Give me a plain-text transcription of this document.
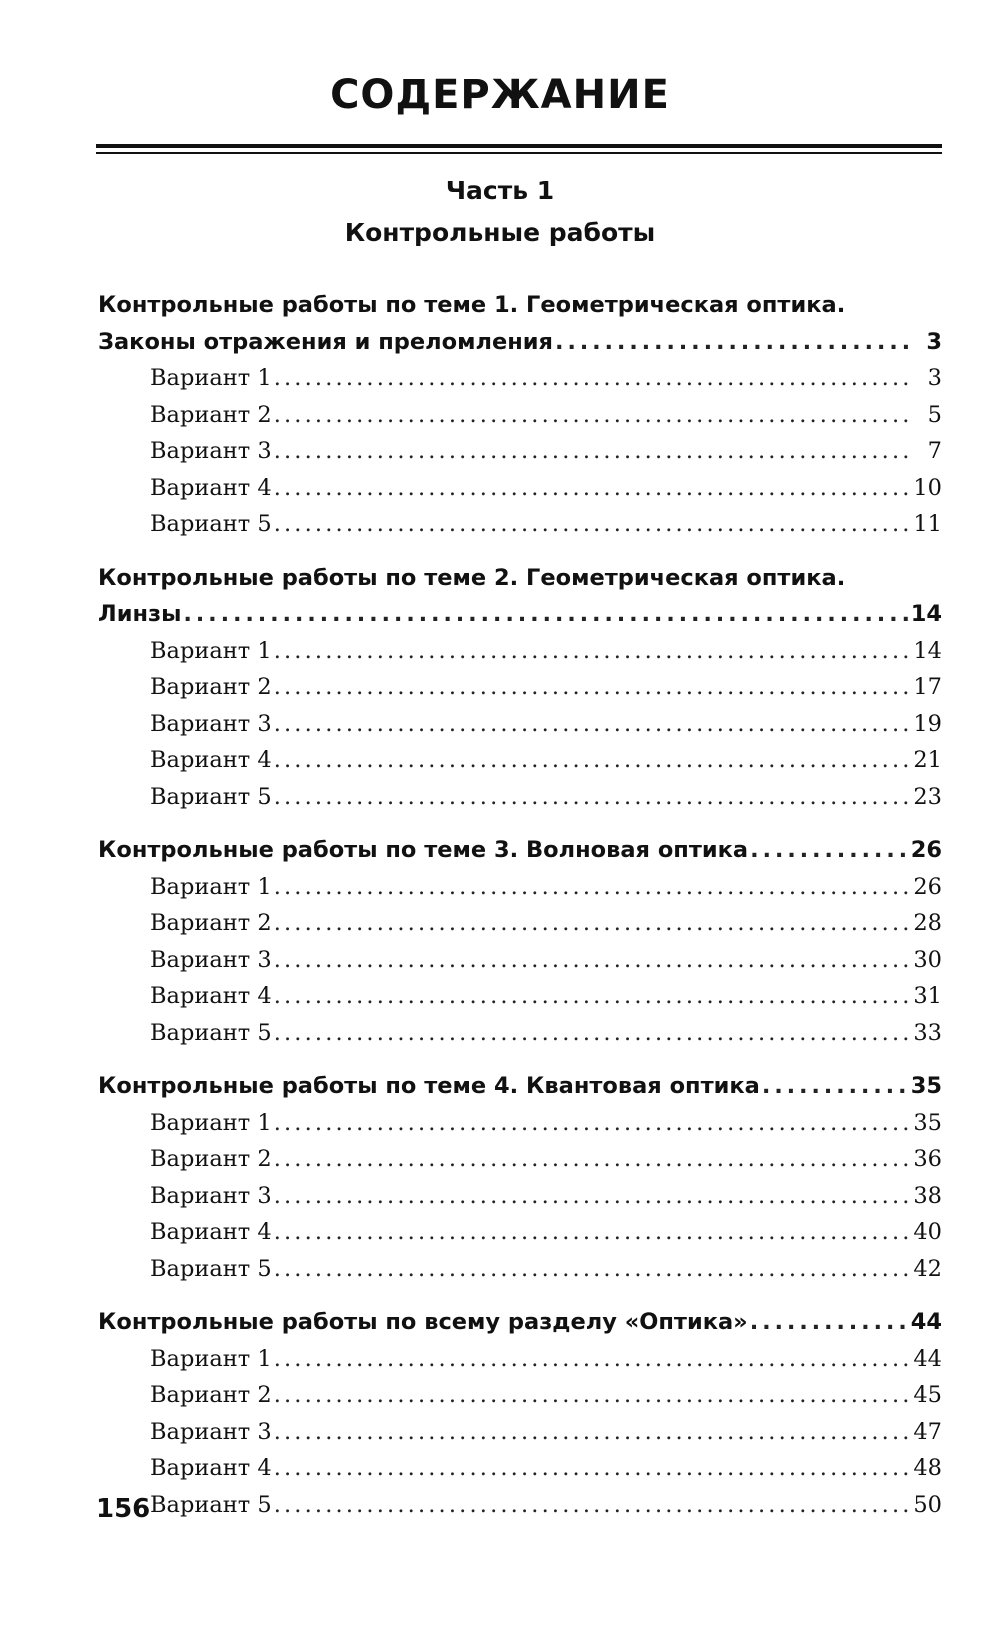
СОДЕРЖАНИЕ
Часть 1
Контрольные работы
Контрольные работы по теме 1. Геометрическая оптика.
Законы отражения и преломления . . .	3
Вариант 1 . . .	3
Вариант 2 . . .	5
Вариант 3 . . .	7
Вариант 4 . . .	10
Вариант 5 . . .	11
Контрольные работы по теме 2. Геометрическая оптика.
Линзы . . .	14
Вариант 1 . . .	14
Вариант 2 . . .	17
Вариант 3 . . .	19
Вариант 4 . . .	21
Вариант 5 . . .	23
Контрольные работы по теме 3. Волновая оптика . . .	26
Вариант 1 . . .	26
Вариант 2 . . .	28
Вариант 3 . . .	30
Вариант 4 . . .	31
Вариант 5 . . .	33
Контрольные работы по теме 4. Квантовая оптика . . .	35
Вариант 1 . . .	35
Вариант 2 . . .	36
Вариант 3 . . .	38
Вариант 4 . . .	40
Вариант 5 . . .	42
Контрольные работы по всему разделу «Оптика» . . .	44
Вариант 1 . . .	44
Вариант 2 . . .	45
Вариант 3 . . .	47
Вариант 4 . . .	48
Вариант 5 . . .	50
156
